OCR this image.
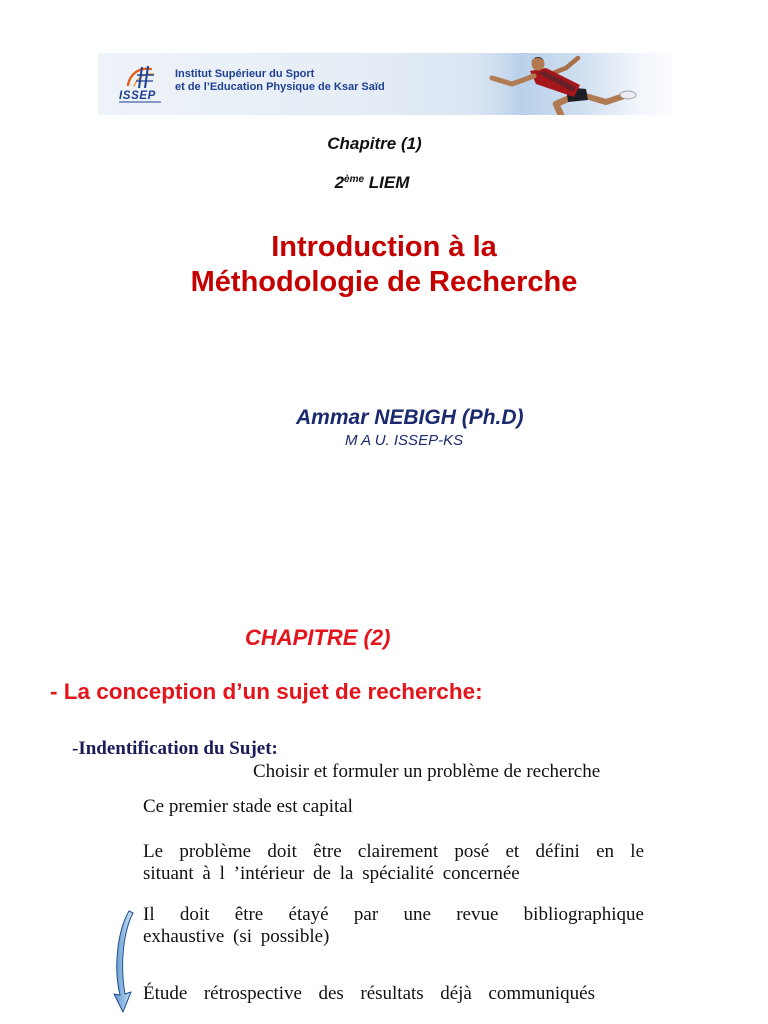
ISSEP
Institut Supérieur du Sport
et de l’Education Physique de Ksar Saïd
Chapitre (1)
2ème LIEM
Introduction à la
Méthodologie de Recherche
Ammar NEBIGH (Ph.D)
M A U. ISSEP-KS
CHAPITRE (2)
- La conception d’un sujet de recherche:
-Indentification du Sujet:
Choisir et formuler un problème de recherche
Ce premier stade est capital
Le problème doit être clairement posé et défini en le
situant à l ’intérieur de la spécialité concernée
Il doit être étayé par une revue bibliographique
exhaustive (si possible)
Étude rétrospective des résultats déjà communiqués
